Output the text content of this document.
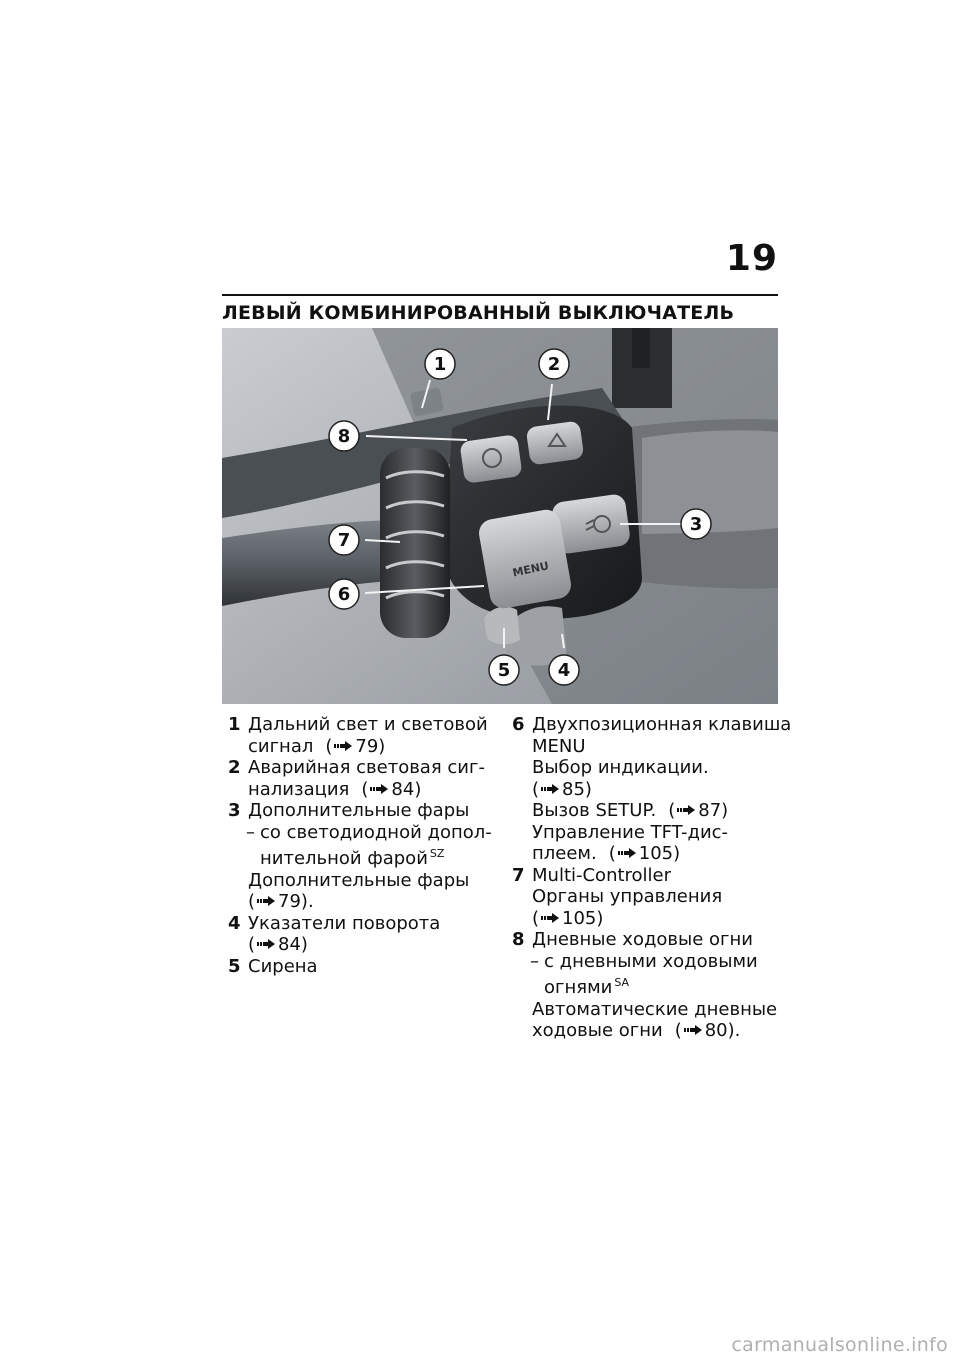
19
ЛЕВЫЙ КОМБИНИРОВАННЫЙ ВЫКЛЮЧАТЕЛЬ
MENU
1	2
3
4
5
6
7
8
1 Дальний свет и световой
сигнал ( 79)
2 Аварийная световая сиг-
нализация ( 84)
3 Дополнительные фары
– со светодиодной допол-
нительной фарой $^{SZ}$
Дополнительные фары
( 79).
4 Указатели поворота
( 84)
5 Сирена
6 Двухпозиционная клавиша
MENU
Выбор индикации.
( 85)
Вызов SETUP. ( 87)
Управление TFT-дис-
плеем. ( 105)
7 Multi-Controller
Органы управления
( 105)
8 Дневные ходовые огни
– с дневными ходовыми
огнями $^{SA}$
Автоматические дневные
ходовые огни ( 80).
carmanualsonline.info
